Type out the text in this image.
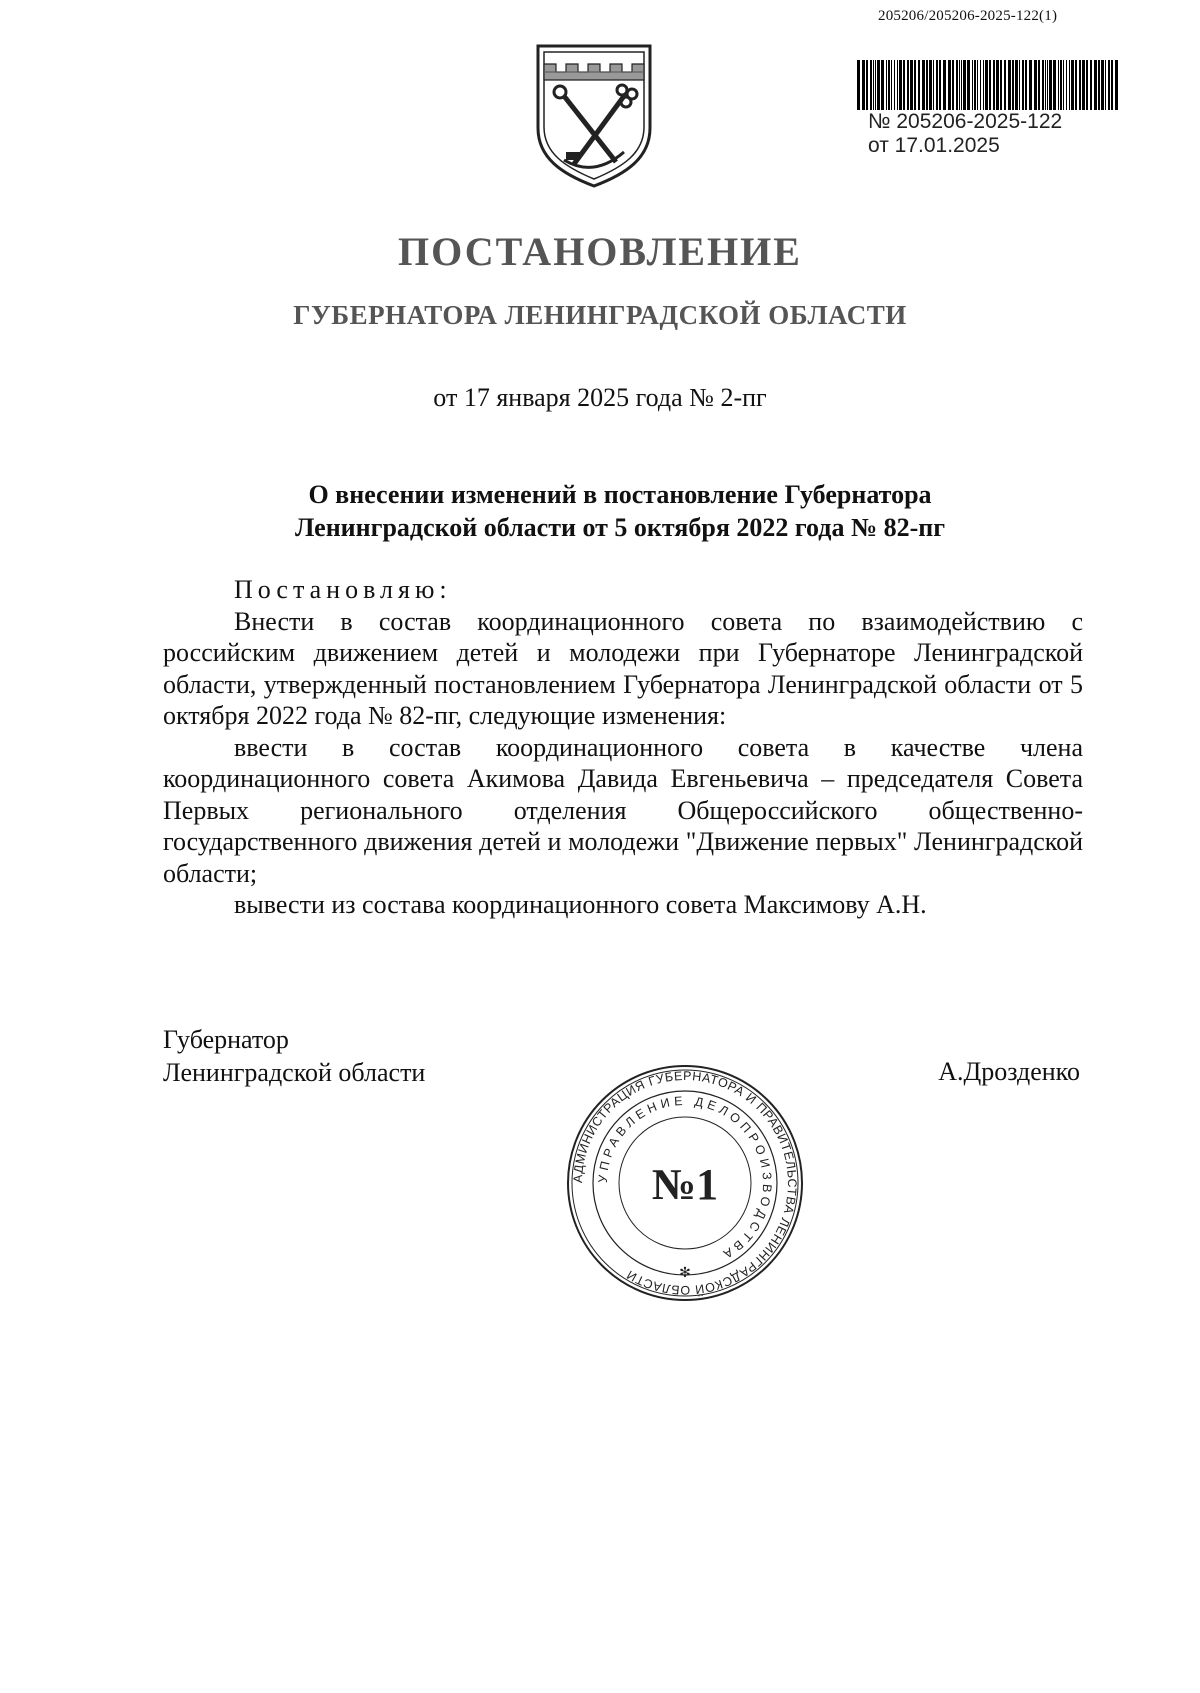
205206/205206-2025-122(1)
№ 205206-2025-122
от 17.01.2025
ПОСТАНОВЛЕНИЕ
ГУБЕРНАТОРА ЛЕНИНГРАДСКОЙ ОБЛАСТИ
от 17 января 2025 года № 2-пг
О внесении изменений в постановление Губернатора
Ленинградской области от 5 октября 2022 года № 82-пг

Постановляю:

Внести в состав координационного совета по взаимодействию с российским движением детей и молодежи при Губернаторе Ленинградской области, утвержденный постановлением Губернатора Ленинградской области от 5 октября 2022 года № 82-пг, следующие изменения:

ввести в состав координационного совета в качестве члена координационного совета Акимова Давида Евгеньевича – председателя Совета Первых регионального отделения Общероссийского общественно-государственного движения детей и молодежи "Движение первых" Ленинградской области;

вывести из состава координационного совета Максимову А.Н.

Губернатор
Ленинградской области	А.Дрозденко
АДМИНИСТРАЦИЯ ГУБЕРНАТОРА И ПРАВИТЕЛЬСТВА ЛЕНИНГРАДСКОЙ ОБЛАСТИ
УПРАВЛЕНИЕ ДЕЛОПРОИЗВОДСТВА
№1
✻
